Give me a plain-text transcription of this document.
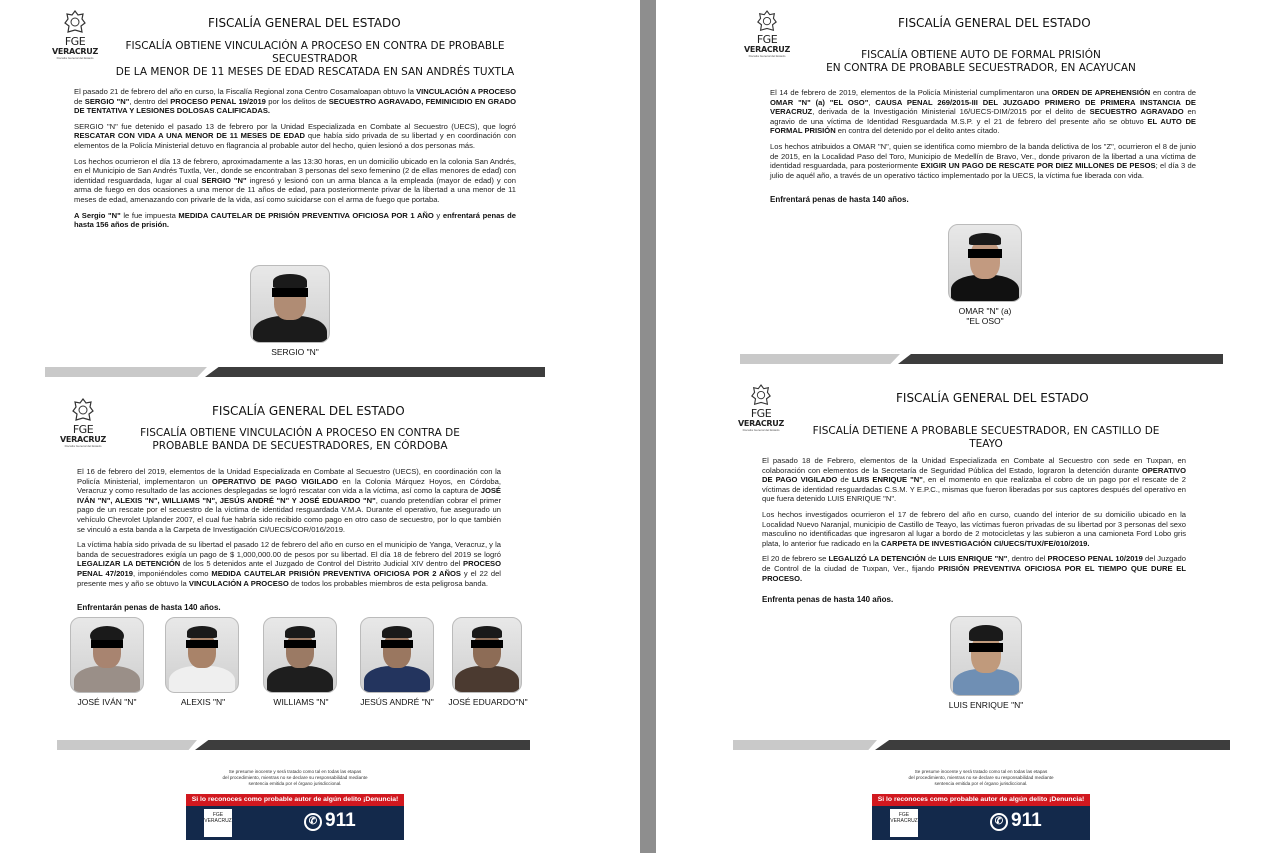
FGE
VERACRUZ
Fiscalía General del Estado
FISCALÍA GENERAL DEL ESTADO
FISCALÍA OBTIENE VINCULACIÓN A PROCESO EN CONTRA DE PROBABLE SECUESTRADOR
DE LA MENOR DE 11 MESES DE EDAD RESCATADA EN SAN ANDRÉS TUXTLA

El pasado 21 de febrero del año en curso, la Fiscalía Regional zona Centro Cosamaloapan obtuvo la VINCULACIÓN A PROCESO de SERGIO "N", dentro del PROCESO PENAL 19/2019 por los delitos de SECUESTRO AGRAVADO, FEMINICIDIO EN GRADO DE TENTATIVA Y LESIONES DOLOSAS CALIFICADAS.

SERGIO "N" fue detenido el pasado 13 de febrero por la Unidad Especializada en Combate al Secuestro (UECS), que logró RESCATAR CON VIDA A UNA MENOR DE 11 MESES DE EDAD que había sido privada de su libertad y en coordinación con elementos de la Policía Ministerial detuvo en flagrancia al probable autor del hecho, quien lesionó a dos personas más.

Los hechos ocurrieron el día 13 de febrero, aproximadamente a las 13:30 horas, en un domicilio ubicado en la colonia San Andrés, en el Municipio de San Andrés Tuxtla, Ver., donde se encontraban 3 personas del sexo femenino (2 de ellas menores de edad) con identidad resguardada, lugar al cual SERGIO "N" ingresó y lesionó con un arma blanca a la empleada (mayor de edad) y con arma de fuego en dos ocasiones a una menor de 11 años de edad, para posteriormente privar de la libertad a una menor de 11 meses de edad, amenazando con privarle de la vida, así como suicidarse con el arma de fuego que portaba.

A Sergio "N" le fue impuesta MEDIDA CAUTELAR DE PRISIÓN PREVENTIVA OFICIOSA POR 1 AÑO y enfrentará penas de hasta 156 años de prisión.

SERGIO "N"
FGE
VERACRUZ
Fiscalía General del Estado
FISCALÍA GENERAL DEL ESTADO
FISCALÍA OBTIENE VINCULACIÓN A PROCESO EN CONTRA DE
PROBABLE BANDA DE SECUESTRADORES, EN CÓRDOBA

El 16 de febrero del 2019, elementos de la Unidad Especializada en Combate al Secuestro (UECS), en coordinación con la Policía Ministerial, implementaron un OPERATIVO DE PAGO VIGILADO en la Colonia Márquez Hoyos, en Córdoba, Veracruz y como resultado de las acciones desplegadas se logró rescatar con vida a la víctima, así como la captura de JOSÉ IVÁN "N", ALEXIS "N", WILLIAMS "N", JESÚS ANDRÉ "N" Y JOSÉ EDUARDO "N", cuando pretendían cobrar el primer pago de un rescate por el secuestro de la víctima de identidad resguardada V.M.A. Durante el operativo, fue asegurado un vehículo Chevrolet Uplander 2007, el cual fue habría sido recibido como pago en otro caso de secuestro, por lo que también se vinculó a esta banda a la Carpeta de Investigación CI/UECS/COR/016/2019.

La víctima había sido privada de su libertad el pasado 12 de febrero del año en curso en el municipio de Yanga, Veracruz, y la banda de secuestradores exigía un pago de $ 1,000,000.00 de pesos por su libertad. El día 18 de febrero del 2019 se logró LEGALIZAR LA DETENCIÓN de los 5 detenidos ante el Juzgado de Control del Distrito Judicial XIV dentro del PROCESO PENAL 47/2019, imponiéndoles como MEDIDA CAUTELAR PRISIÓN PREVENTIVA OFICIOSA POR 2 AÑOS y el 22 del presente mes y año se obtuvo la VINCULACIÓN A PROCESO de todos los probables miembros de esta peligrosa banda.

Enfrentarán penas de hasta 140 años.
JOSÉ IVÁN "N"	ALEXIS "N"	WILLIAMS "N"	JESÚS ANDRÉ "N"	JOSÉ EDUARDO"N"
Se presume inocente y será tratado como tal en todas las etapas
del procedimiento, mientras no se declare su responsabilidad mediante
sentencia emitida por el órgano jurisdiccional.
Si lo reconoces como probable autor de algún delito ¡Denuncia!
FGE
VERACRUZ	✆ 911
FGE
VERACRUZ
Fiscalía General del Estado
FISCALÍA GENERAL DEL ESTADO
FISCALÍA OBTIENE AUTO DE FORMAL PRISIÓN
EN CONTRA DE PROBABLE SECUESTRADOR, EN ACAYUCAN

El 14 de febrero de 2019, elementos de la Policía Ministerial cumplimentaron una ORDEN DE APREHENSIÓN en contra de OMAR "N" (a) "EL OSO", CAUSA PENAL 269/2015-III DEL JUZGADO PRIMERO DE PRIMERA INSTANCIA DE VERACRUZ, derivada de la Investigación Ministerial 16/UECS-DIM/2015 por el delito de SECUESTRO AGRAVADO en agravio de una víctima de Identidad Resguardada M.S.P. y el 21 de febrero del presente año se obtuvo EL AUTO DE FORMAL PRISIÓN en contra del detenido por el delito antes citado.

Los hechos atribuidos a OMAR "N", quien se identifica como miembro de la banda delictiva de los "Z", ocurrieron el 8 de junio de 2015, en la Localidad Paso del Toro, Municipio de Medellín de Bravo, Ver., donde privaron de la libertad a una víctima de identidad resguardada, para posteriormente EXIGIR UN PAGO DE RESCATE POR DIEZ MILLONES DE PESOS; el día 3 de julio de aquél año, a través de un operativo táctico implementado por la UECS, la víctima fue liberada con vida.

Enfrentará penas de hasta 140 años.
OMAR "N" (a)
"EL OSO"
FGE
VERACRUZ
Fiscalía General del Estado
FISCALÍA GENERAL DEL ESTADO
FISCALÍA DETIENE A PROBABLE SECUESTRADOR, EN CASTILLO DE TEAYO

El pasado 18 de Febrero, elementos de la Unidad Especializada en Combate al Secuestro con sede en Tuxpan, en colaboración con elementos de la Secretaría de Seguridad Pública del Estado, lograron la detención durante OPERATIVO DE PAGO VIGILADO de LUIS ENRIQUE "N", en el momento en que realizaba el cobro de un pago por el rescate de 2 víctimas de identidad resguardadas C.S.M. Y E.P.C., mismas que fueron liberadas por sus captores después del operativo en que fuera detenido LUIS ENRIQUE "N".

Los hechos investigados ocurrieron el 17 de febrero del año en curso, cuando del interior de su domicilio ubicado en la Localidad Nuevo Naranjal, municipio de Castillo de Teayo, las víctimas fueron privadas de su libertad por 3 personas del sexo masculino no identificadas que ingresaron al lugar a bordo de 2 motocicletas y las subieron a una camioneta Ford Lobo gris plata, lo anterior fue radicado en la CARPETA DE INVESTIGACIÓN CI/UECS/TUX/FE/010/2019.

El 20 de febrero se LEGALIZÓ LA DETENCIÓN de LUIS ENRIQUE "N", dentro del PROCESO PENAL 10/2019 del Juzgado de Control de la ciudad de Tuxpan, Ver., fijando PRISIÓN PREVENTIVA OFICIOSA POR EL TIEMPO QUE DURE EL PROCESO.

Enfrenta penas de hasta 140 años.
LUIS ENRIQUE "N"
Se presume inocente y será tratado como tal en todas las etapas
del procedimiento, mientras no se declare su responsabilidad mediante
sentencia emitida por el órgano jurisdiccional.
Si lo reconoces como probable autor de algún delito ¡Denuncia!
FGE
VERACRUZ	✆ 911
